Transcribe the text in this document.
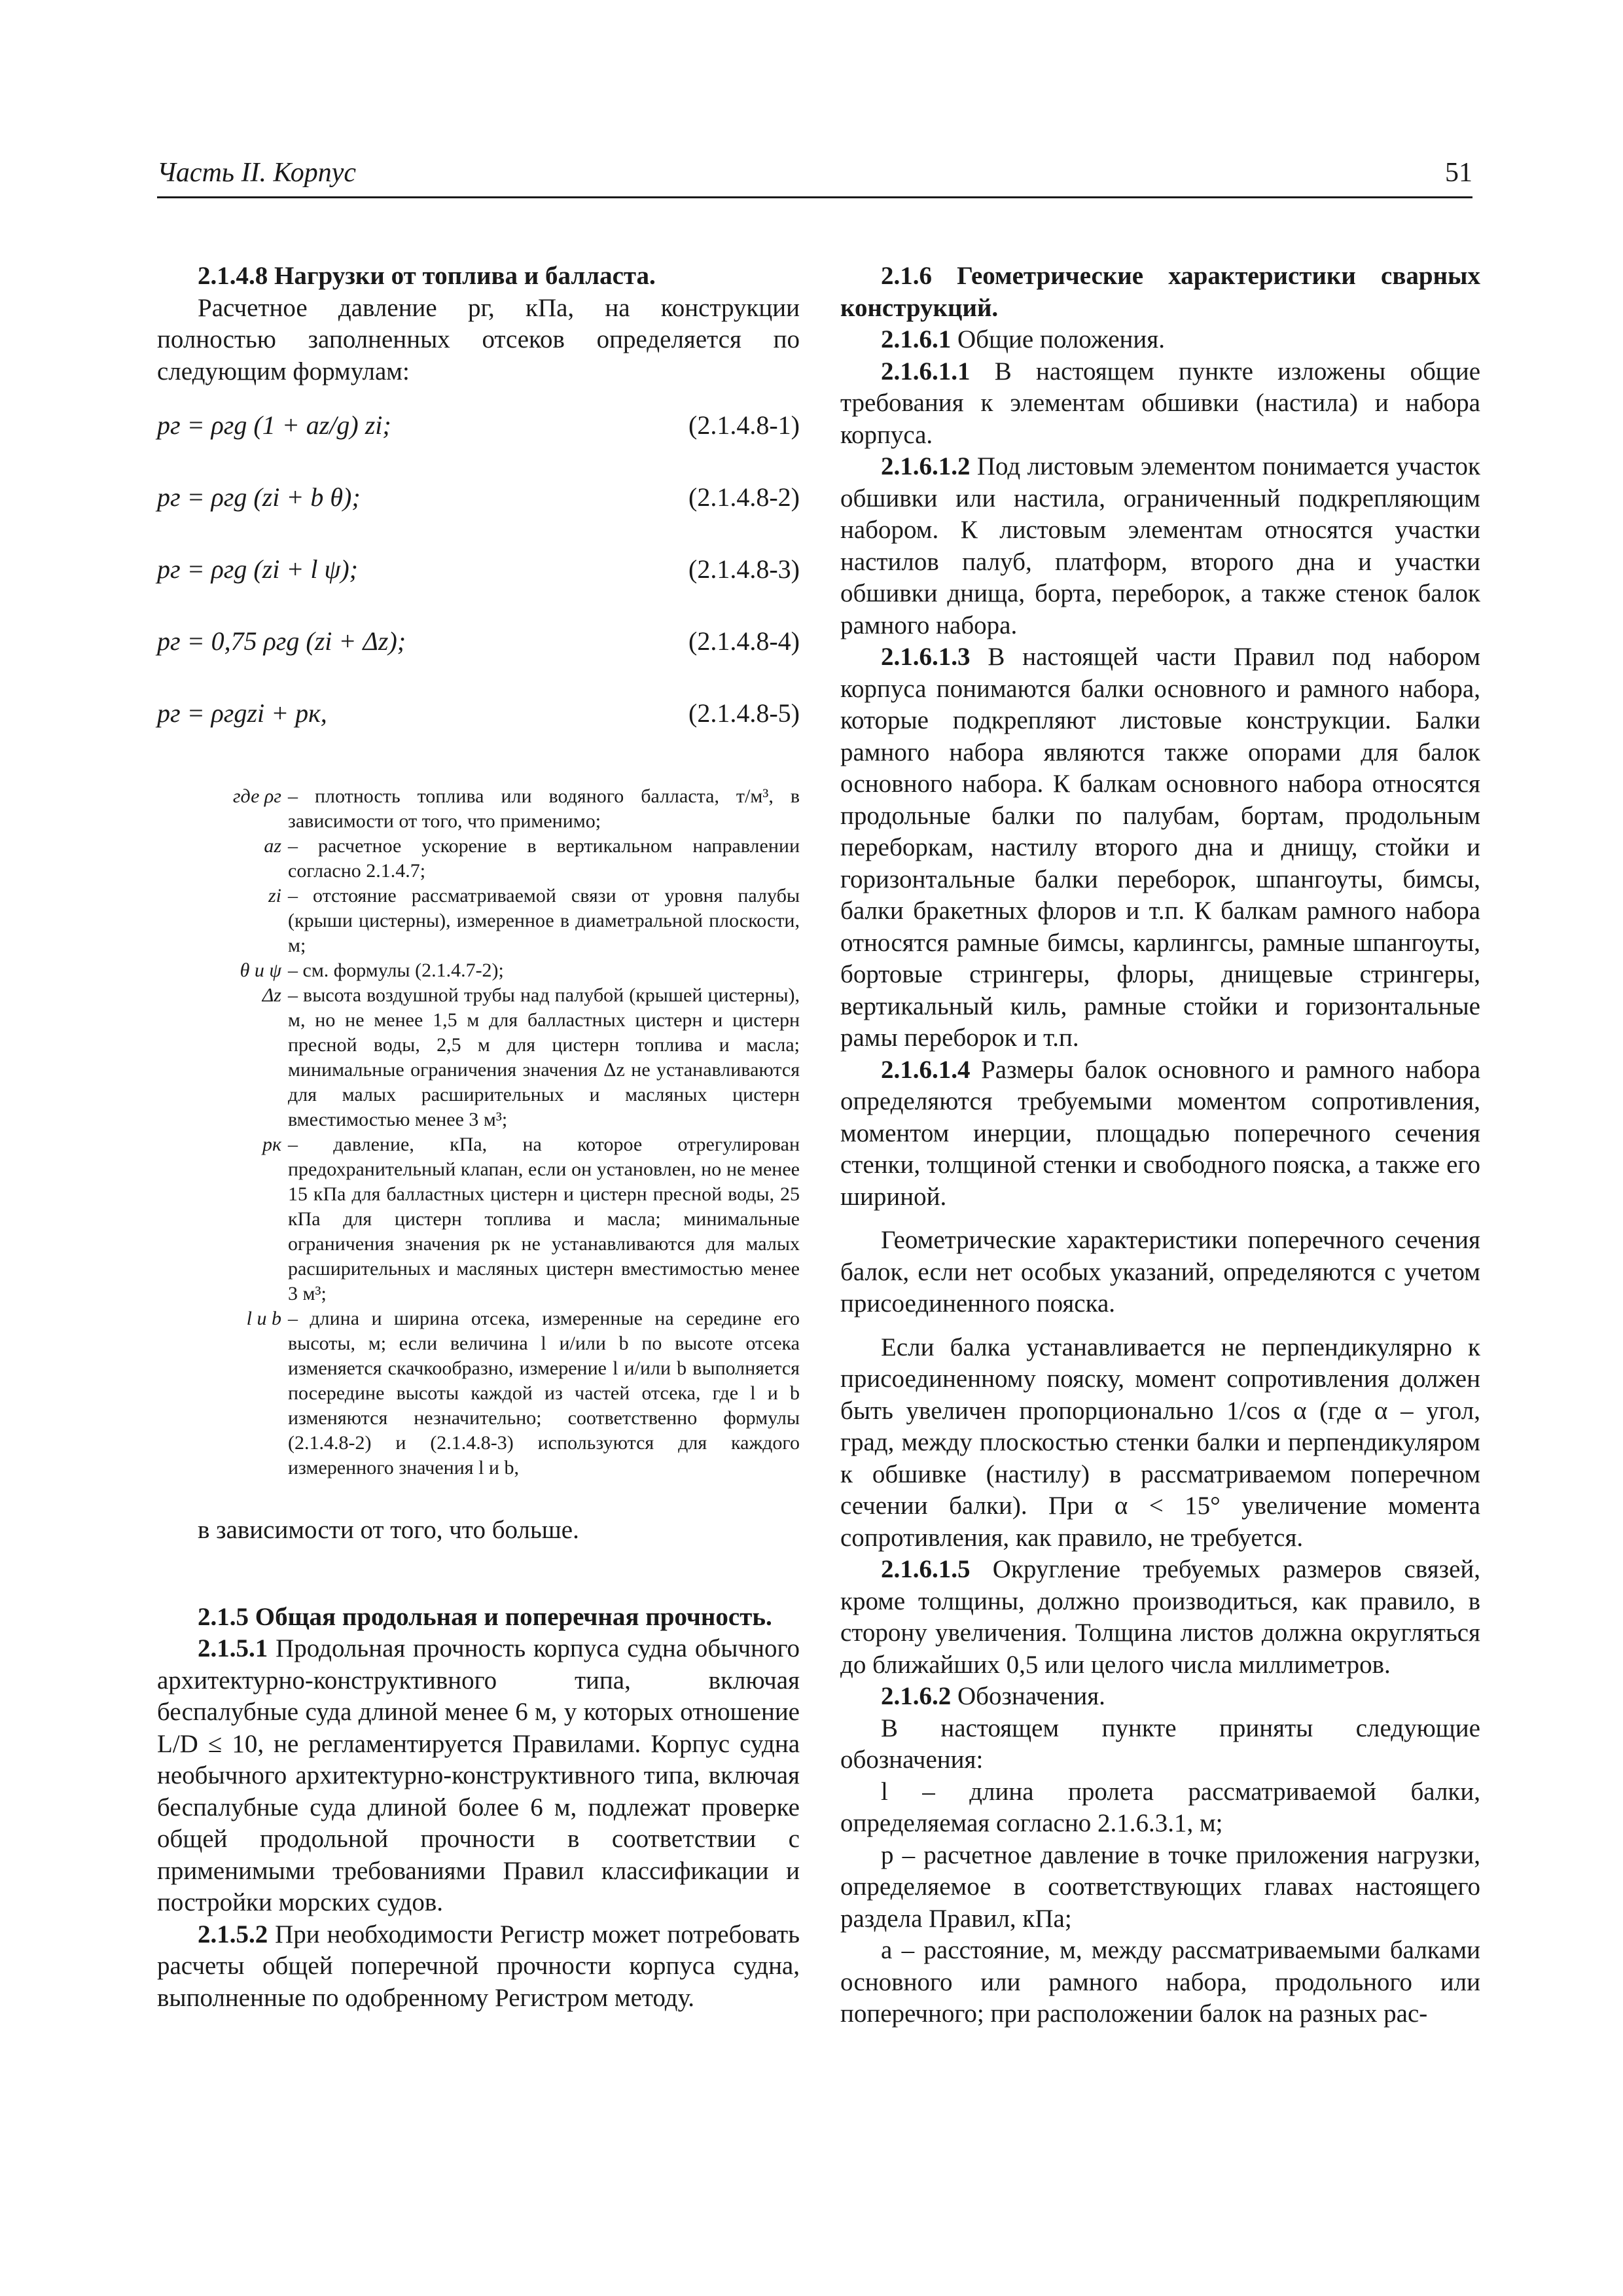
Часть II. Корпус	51

2.1.4.8 Нагрузки от топлива и балласта.

Расчетное давление pг, кПа, на конструкции полностью заполненных отсеков определяется по следующим формулам:

pг = ρгg (1 + az/g) zi;	(2.1.4.8-1)
pг = ρгg (zi + b θ);	(2.1.4.8-2)
pг = ρгg (zi + l ψ);	(2.1.4.8-3)
pг = 0,75 ρгg (zi + Δz);	(2.1.4.8-4)
pг = ρгgzi + pк,	(2.1.4.8-5)
где ρг – плотность топлива или водяного балласта, т/м³, в зависимости от того, что применимо;
az – расчетное ускорение в вертикальном направлении согласно 2.1.4.7;
zi – отстояние рассматриваемой связи от уровня палубы (крыши цистерны), измеренное в диаметральной плоскости, м;
θ и ψ – см. формулы (2.1.4.7-2);
Δz – высота воздушной трубы над палубой (крышей цистерны), м, но не менее 1,5 м для балластных цистерн и цистерн пресной воды, 2,5 м для цистерн топлива и масла; минимальные ограничения значения Δz не устанавливаются для малых расширительных и масляных цистерн вместимостью менее 3 м³;
pк – давление, кПа, на которое отрегулирован предохранительный клапан, если он установлен, но не менее 15 кПа для балластных цистерн и цистерн пресной воды, 25 кПа для цистерн топлива и масла; минимальные ограничения значения pк не устанавливаются для малых расширительных и масляных цистерн вместимостью менее 3 м³;
l и b – длина и ширина отсека, измеренные на середине его высоты, м; если величина l и/или b по высоте отсека изменяется скачкообразно, измерение l и/или b выполняется посередине высоты каждой из частей отсека, где l и b изменяются незначительно; соответственно формулы (2.1.4.8-2) и (2.1.4.8-3) используются для каждого измеренного значения l и b,

в зависимости от того, что больше.

2.1.5 Общая продольная и поперечная прочность.

2.1.5.1 Продольная прочность корпуса судна обычного архитектурно-конструктивного типа, включая беспалубные суда длиной менее 6 м, у которых отношение L/D ≤ 10, не регламентируется Правилами. Корпус судна необычного архитектурно-конструктивного типа, включая беспалубные суда длиной более 6 м, подлежат проверке общей продольной прочности в соответствии с применимыми требованиями Правил классификации и постройки морских судов.

2.1.5.2 При необходимости Регистр может потребовать расчеты общей поперечной прочности корпуса судна, выполненные по одобренному Регистром методу.

2.1.6 Геометрические характеристики сварных конструкций.

2.1.6.1 Общие положения.

2.1.6.1.1 В настоящем пункте изложены общие требования к элементам обшивки (настила) и набора корпуса.

2.1.6.1.2 Под листовым элементом понимается участок обшивки или настила, ограниченный подкрепляющим набором. К листовым элементам относятся участки настилов палуб, платформ, второго дна и участки обшивки днища, борта, переборок, а также стенок балок рамного набора.

2.1.6.1.3 В настоящей части Правил под набором корпуса понимаются балки основного и рамного набора, которые подкрепляют листовые конструкции. Балки рамного набора являются также опорами для балок основного набора. К балкам основного набора относятся продольные балки по палубам, бортам, продольным переборкам, настилу второго дна и днищу, стойки и горизонтальные балки переборок, шпангоуты, бимсы, балки бракетных флоров и т.п. К балкам рамного набора относятся рамные бимсы, карлингсы, рамные шпангоуты, бортовые стрингеры, флоры, днищевые стрингеры, вертикальный киль, рамные стойки и горизонтальные рамы переборок и т.п.

2.1.6.1.4 Размеры балок основного и рамного набора определяются требуемыми моментом сопротивления, моментом инерции, площадью поперечного сечения стенки, толщиной стенки и свободного пояска, а также его шириной.

Геометрические характеристики поперечного сечения балок, если нет особых указаний, определяются с учетом присоединенного пояска.

Если балка устанавливается не перпендикулярно к присоединенному пояску, момент сопротивления должен быть увеличен пропорционально 1/cos α (где α – угол, град, между плоскостью стенки балки и перпендикуляром к обшивке (настилу) в рассматриваемом поперечном сечении балки). При α < 15° увеличение момента сопротивления, как правило, не требуется.

2.1.6.1.5 Округление требуемых размеров связей, кроме толщины, должно производиться, как правило, в сторону увеличения. Толщина листов должна округляться до ближайших 0,5 или целого числа миллиметров.

2.1.6.2 Обозначения.

В настоящем пункте приняты следующие обозначения:

l – длина пролета рассматриваемой балки, определяемая согласно 2.1.6.3.1, м;

p – расчетное давление в точке приложения нагрузки, определяемое в соответствующих главах настоящего раздела Правил, кПа;

a – расстояние, м, между рассматриваемыми балками основного или рамного набора, продольного или поперечного; при расположении балок на разных рас-
